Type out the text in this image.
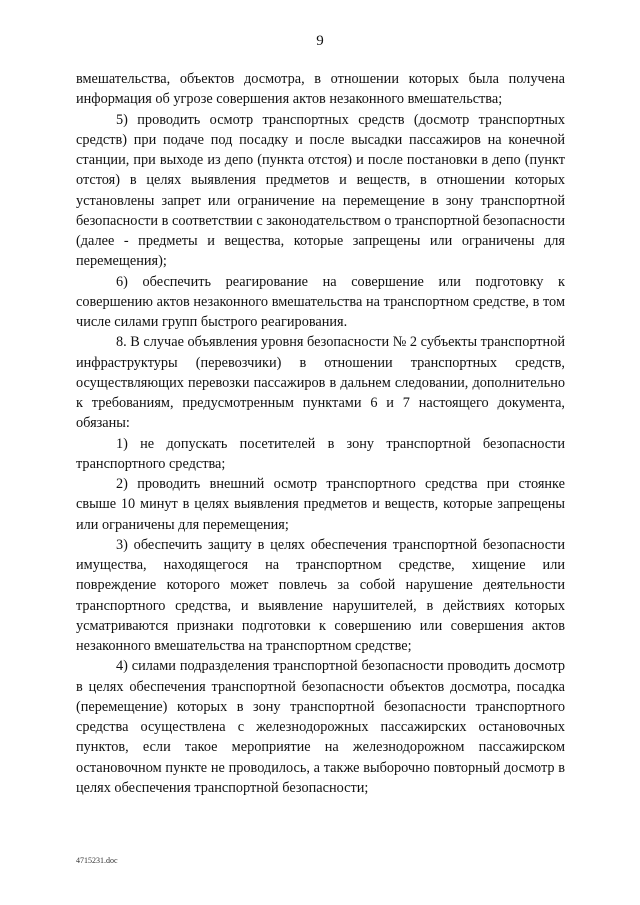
9

вмешательства, объектов досмотра, в отношении которых была получена информация об угрозе совершения актов незаконного вмешательства;

5) проводить осмотр транспортных средств (досмотр транспортных средств) при подаче под посадку и после высадки пассажиров на конечной станции, при выходе из депо (пункта отстоя) и после постановки в депо (пункт отстоя) в целях выявления предметов и веществ, в отношении которых установлены запрет или ограничение на перемещение в зону транспортной безопасности в соответствии с законодательством о транспортной безопасности (далее - предметы и вещества, которые запрещены или ограничены для перемещения);

6) обеспечить реагирование на совершение или подготовку к совершению актов незаконного вмешательства на транспортном средстве, в том числе силами групп быстрого реагирования.

8. В случае объявления уровня безопасности № 2 субъекты транспортной инфраструктуры (перевозчики) в отношении транспортных средств, осуществляющих перевозки пассажиров в дальнем следовании, дополнительно к требованиям, предусмотренным пунктами 6 и 7 настоящего документа, обязаны:

1) не допускать посетителей в зону транспортной безопасности транспортного средства;

2) проводить внешний осмотр транспортного средства при стоянке свыше 10 минут в целях выявления предметов и веществ, которые запрещены или ограничены для перемещения;

3) обеспечить защиту в целях обеспечения транспортной безопасности имущества, находящегося на транспортном средстве, хищение или повреждение которого может повлечь за собой нарушение деятельности транспортного средства, и выявление нарушителей, в действиях которых усматриваются признаки подготовки к совершению или совершения актов незаконного вмешательства на транспортном средстве;

4) силами подразделения транспортной безопасности проводить досмотр в целях обеспечения транспортной безопасности объектов досмотра, посадка (перемещение) которых в зону транспортной безопасности транспортного средства осуществлена с железнодорожных пассажирских остановочных пунктов, если такое мероприятие на железнодорожном пассажирском остановочном пункте не проводилось, а также выборочно повторный досмотр в целях обеспечения транспортной безопасности;

4715231.doc
